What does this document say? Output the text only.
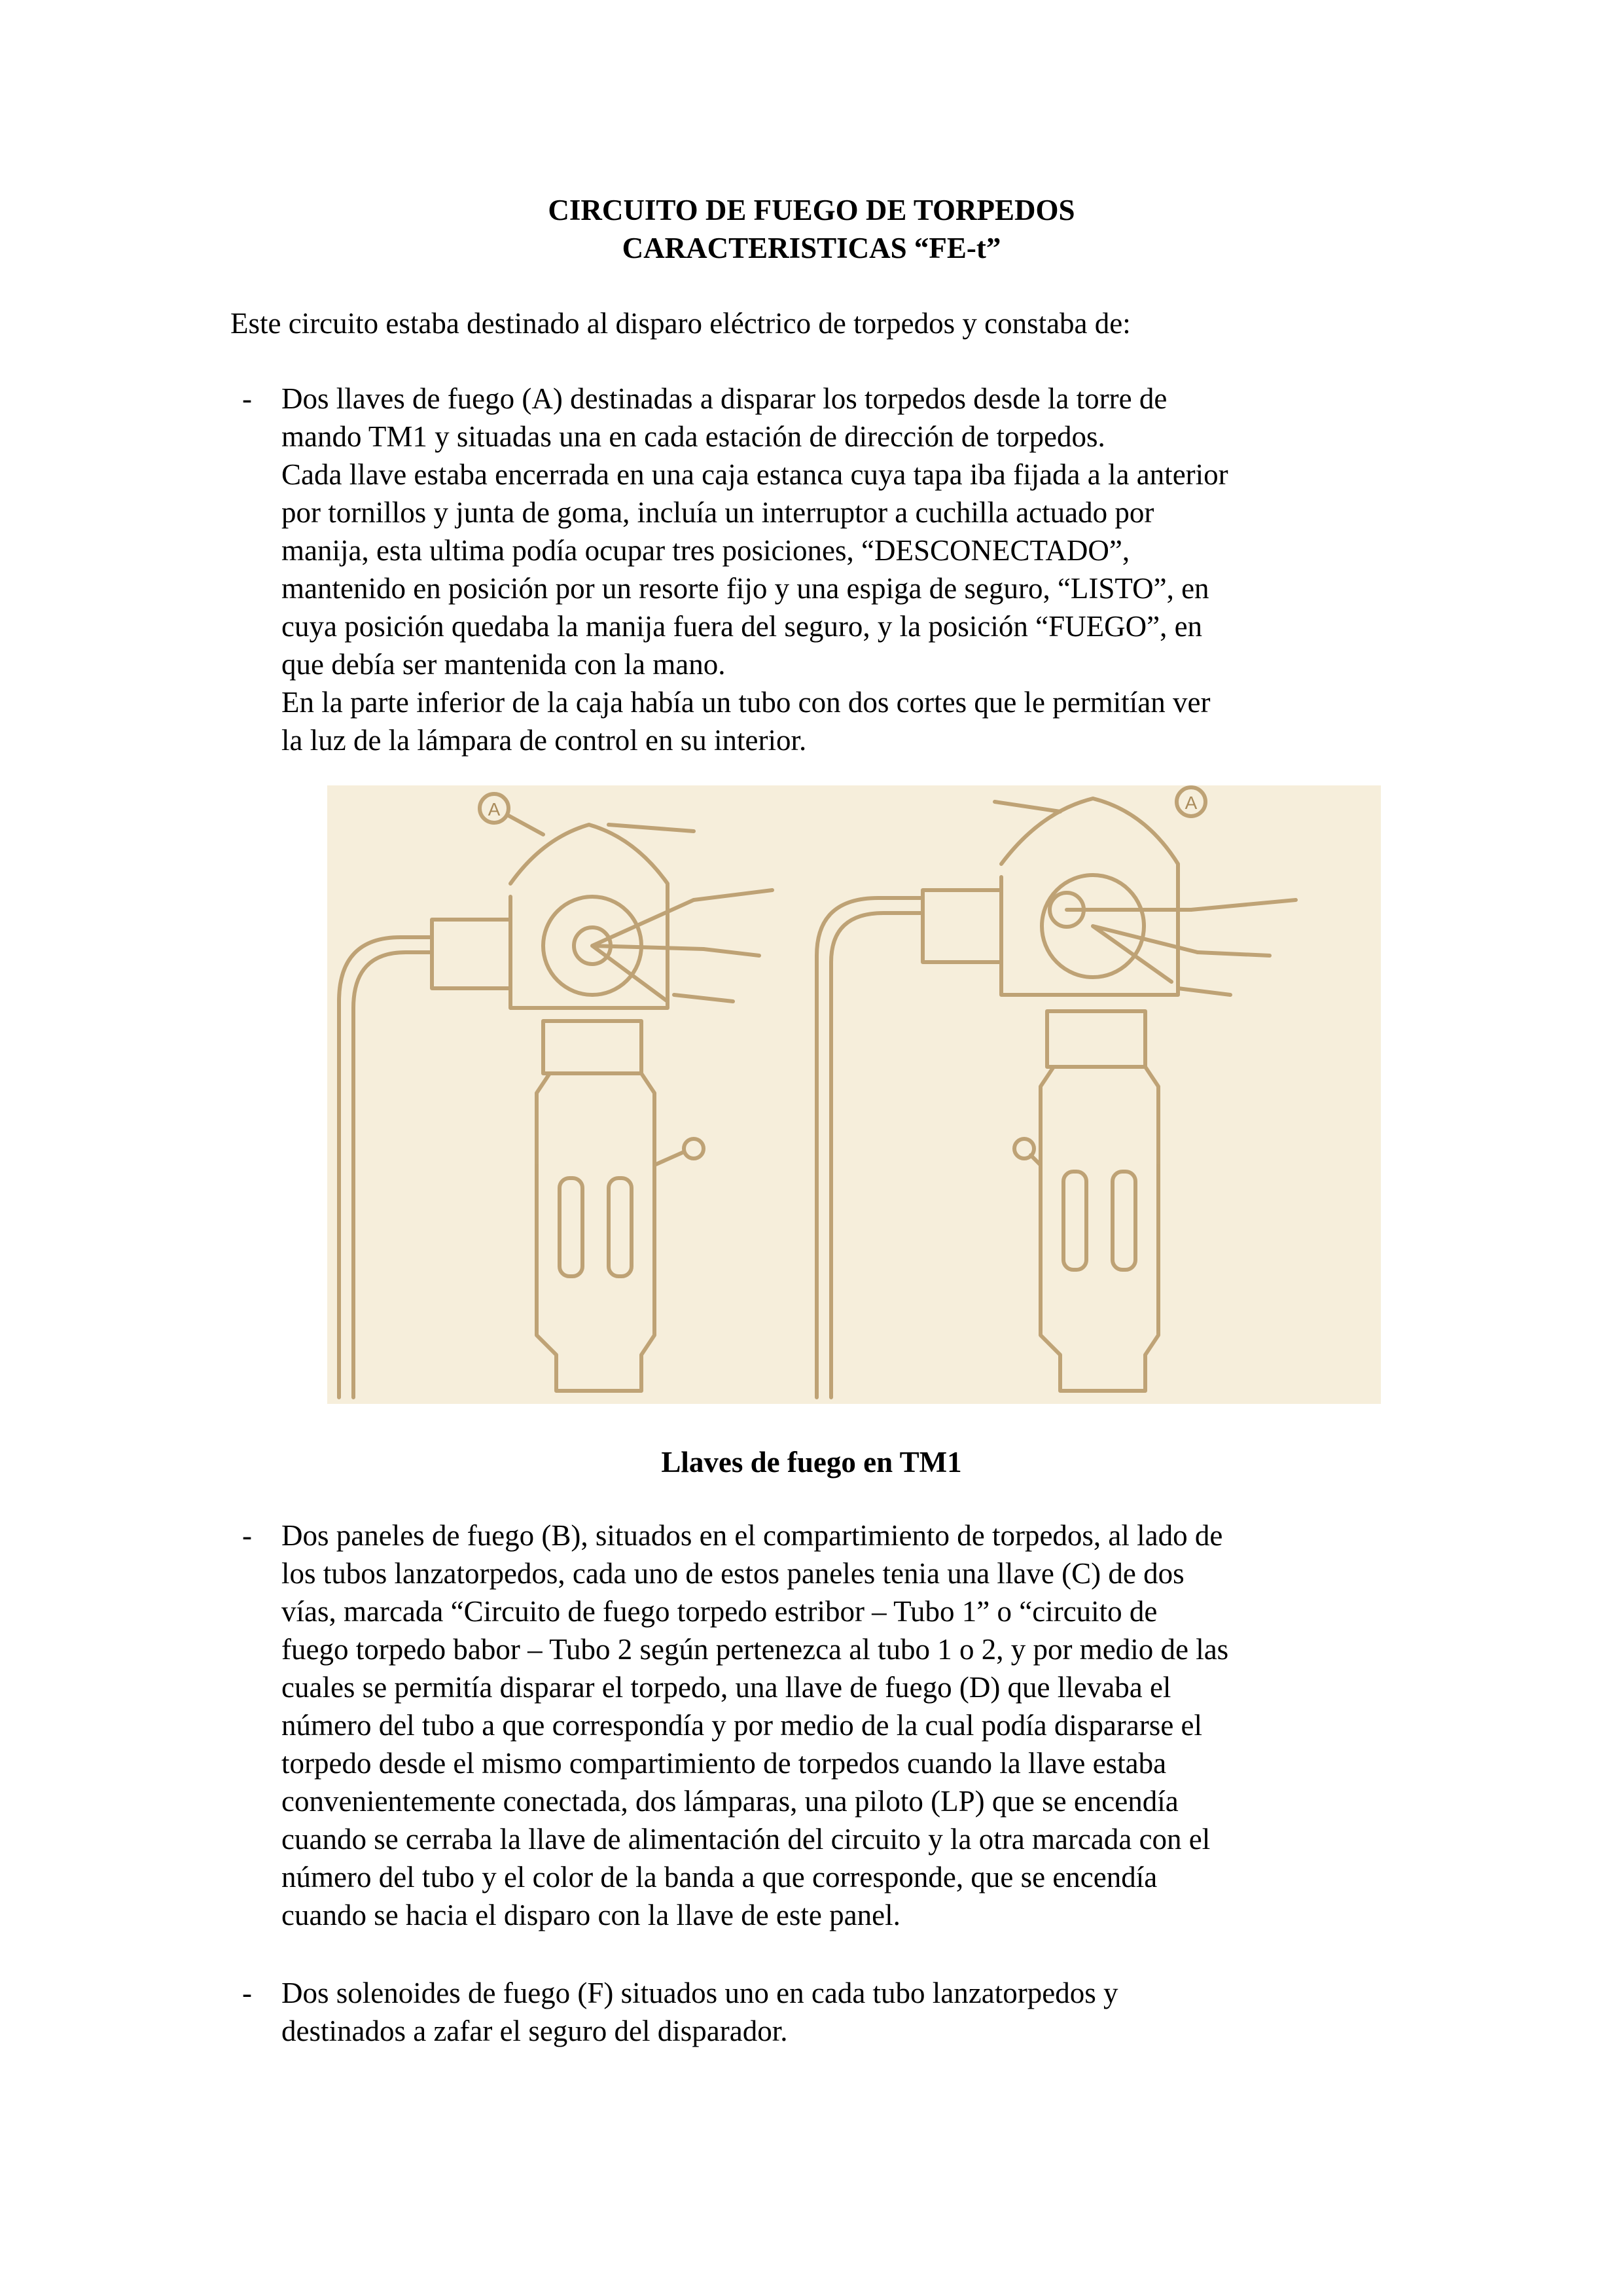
CIRCUITO DE FUEGO DE TORPEDOS

CARACTERISTICAS “FE-t”

Este circuito estaba destinado al disparo eléctrico de torpedos y constaba de:

- Dos llaves de fuego (A) destinadas a disparar los torpedos desde la torre de

mando TM1 y situadas una en cada estación de dirección de torpedos.

Cada llave estaba encerrada en una caja estanca cuya tapa iba fijada a la anterior

por tornillos y junta de goma, incluía un interruptor a cuchilla actuado por

manija, esta ultima podía ocupar tres posiciones, “DESCONECTADO”,

mantenido en posición por un resorte fijo y una espiga de seguro, “LISTO”, en

cuya posición quedaba la manija fuera del seguro, y la posición “FUEGO”, en

que debía ser mantenida con la mano.

En la parte inferior de la caja había un tubo con dos cortes que le permitían ver

la luz de la lámpara de control en su interior.

A	A

Llaves de fuego en TM1

- Dos paneles de fuego (B), situados en el compartimiento de torpedos, al lado de

los tubos lanzatorpedos, cada uno de estos paneles tenia una llave (C) de dos

vías, marcada “Circuito de fuego torpedo estribor – Tubo 1” o “circuito de

fuego torpedo babor – Tubo 2 según pertenezca al tubo 1 o 2, y por medio de las

cuales se permitía disparar el torpedo, una llave de fuego (D) que llevaba el

número del tubo a que correspondía y por medio de la cual podía dispararse el

torpedo desde el mismo compartimiento de torpedos cuando la llave estaba

convenientemente conectada, dos lámparas, una piloto (LP) que se encendía

cuando se cerraba la llave de alimentación del circuito y la otra marcada con el

número del tubo y el color de la banda a que corresponde, que se encendía

cuando se hacia el disparo con la llave de este panel.

- Dos solenoides de fuego (F) situados uno en cada tubo lanzatorpedos y

destinados a zafar el seguro del disparador.
